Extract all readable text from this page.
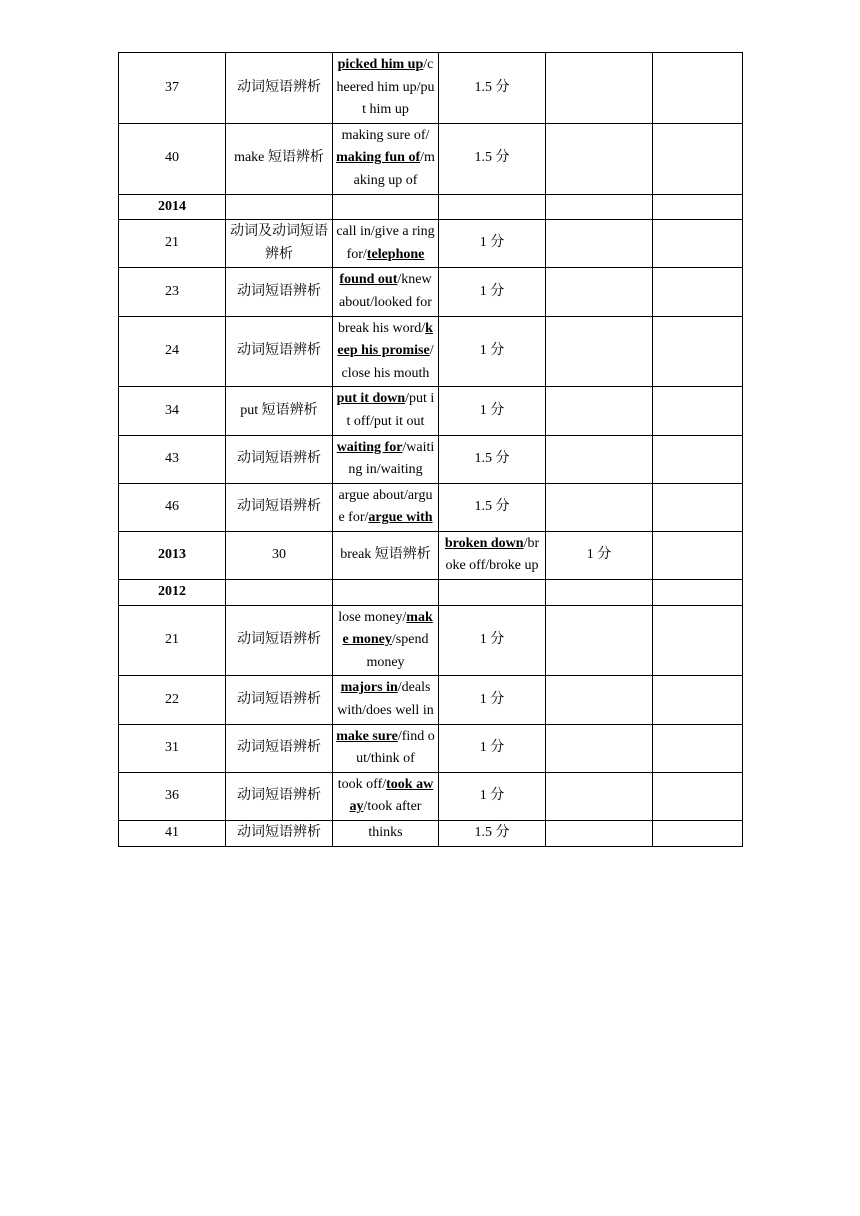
37	动词短语辨析	picked him up/cheered him up/put him up	1.5 分		
40	make 短语辨析	making sure of/making fun of/making up of	1.5 分		
2014					
21	动词及动词短语辨析	call in/give a ring for/telephone	1 分		
23	动词短语辨析	found out/knew about/looked for	1 分		
24	动词短语辨析	break his word/keep his promise/close his mouth	1 分		
34	put 短语辨析	put it down/put it off/put it out	1 分		
43	动词短语辨析	waiting for/waiting in/waiting	1.5 分		
46	动词短语辨析	argue about/argue for/argue with	1.5 分		
2013	30	break 短语辨析	broken down/broke off/broke up	1 分	
2012					
21	动词短语辨析	lose money/make money/spend money	1 分		
22	动词短语辨析	majors in/deals with/does well in	1 分		
31	动词短语辨析	make sure/find out/think of	1 分		
36	动词短语辨析	took off/took away/took after	1 分		
41	动词短语辨析	thinks	1.5 分		
